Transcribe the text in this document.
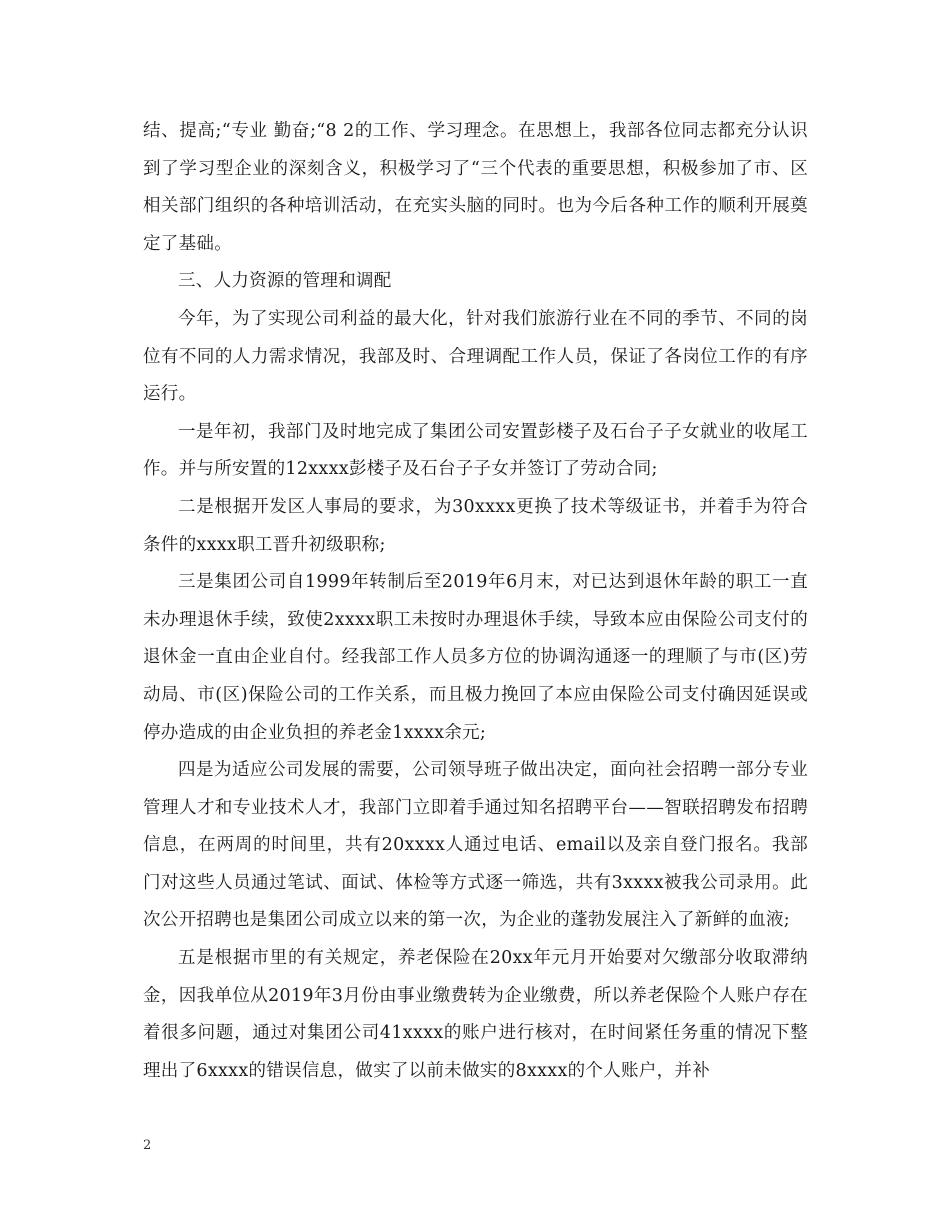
结、提高;“专业 勤奋;“8 2的工作、学习理念。在思想上，我部各位同志都充分认识到了学习型企业的深刻含义，积极学习了“三个代表的重要思想，积极参加了市、区相关部门组织的各种培训活动，在充实头脑的同时。也为今后各种工作的顺利开展奠定了基础。

三、人力资源的管理和调配

今年，为了实现公司利益的最大化，针对我们旅游行业在不同的季节、不同的岗位有不同的人力需求情况，我部及时、合理调配工作人员，保证了各岗位工作的有序运行。

一是年初，我部门及时地完成了集团公司安置彭楼子及石台子子女就业的收尾工作。并与所安置的12xxxx彭楼子及石台子子女并签订了劳动合同;

二是根据开发区人事局的要求，为30xxxx更换了技术等级证书，并着手为符合条件的xxxx职工晋升初级职称;

三是集团公司自1999年转制后至2019年6月末，对已达到退休年龄的职工一直未办理退休手续，致使2xxxx职工未按时办理退休手续，导致本应由保险公司支付的退休金一直由企业自付。经我部工作人员多方位的协调沟通逐一的理顺了与市(区)劳动局、市(区)保险公司的工作关系，而且极力挽回了本应由保险公司支付确因延误或停办造成的由企业负担的养老金1xxxx余元;

四是为适应公司发展的需要，公司领导班子做出决定，面向社会招聘一部分专业管理人才和专业技术人才，我部门立即着手通过知名招聘平台——智联招聘发布招聘信息，在两周的时间里，共有20xxxx人通过电话、email以及亲自登门报名。我部门对这些人员通过笔试、面试、体检等方式逐一筛选，共有3xxxx被我公司录用。此次公开招聘也是集团公司成立以来的第一次，为企业的蓬勃发展注入了新鲜的血液;

五是根据市里的有关规定，养老保险在20xx年元月开始要对欠缴部分收取滞纳金，因我单位从2019年3月份由事业缴费转为企业缴费，所以养老保险个人账户存在着很多问题，通过对集团公司41xxxx的账户进行核对，在时间紧任务重的情况下整理出了6xxxx的错误信息，做实了以前未做实的8xxxx的个人账户，并补

2
